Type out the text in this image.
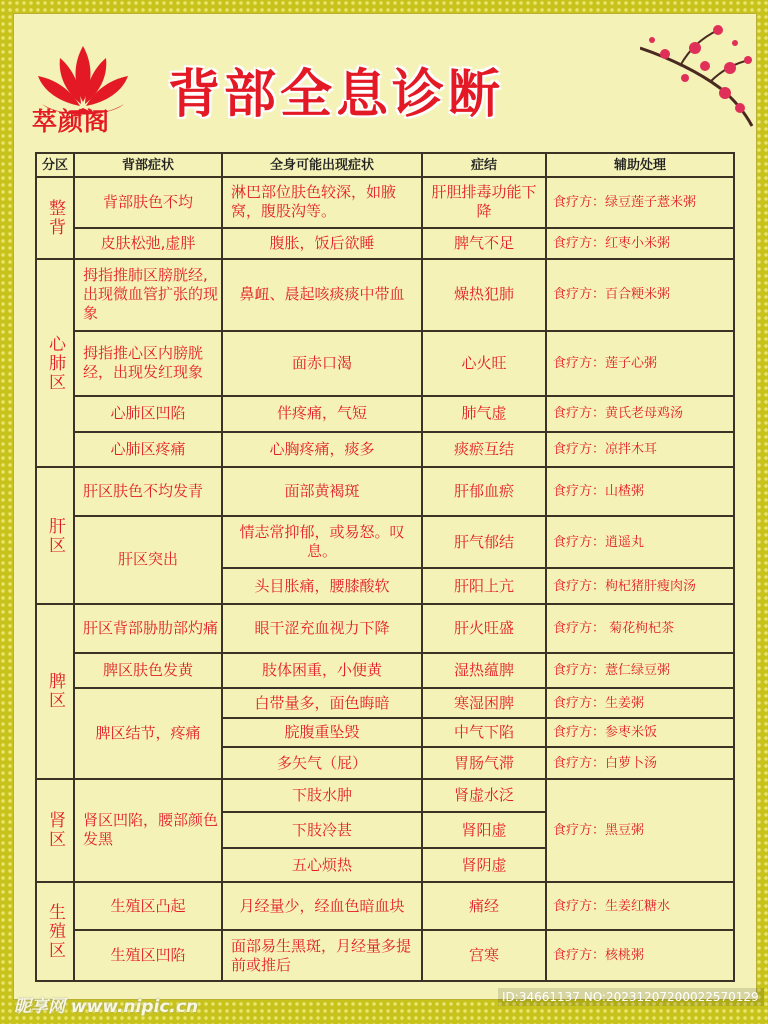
萃颜阁 背部全息诊断
分区	背部症状	全身可能出现症状	症结	辅助处理
整背	背部肤色不均	淋巴部位肤色较深，如腋窝，腹股沟等。	肝胆排毒功能下降	食疗方：绿豆莲子薏米粥
	皮肤松弛,虚胖	腹胀，饭后欲睡	脾气不足	食疗方：红枣小米粥
心肺区	拇指推肺区膀胱经,出现微血管扩张的现象	鼻衄、晨起咳痰痰中带血	燥热犯肺	食疗方：百合粳米粥
	拇指推心区内膀胱经，出现发红现象	面赤口渴	心火旺	食疗方：莲子心粥
	心肺区凹陷	伴疼痛，气短	肺气虚	食疗方：黄氏老母鸡汤
	心肺区疼痛	心胸疼痛，痰多	痰瘀互结	食疗方：凉拌木耳
肝区	肝区肤色不均发青	面部黄褐斑	肝郁血瘀	食疗方：山楂粥
	肝区突出	情志常抑郁，或易怒。叹息。	肝气郁结	食疗方：逍遥丸
		头目胀痛，腰膝酸软	肝阳上亢	食疗方：枸杞猪肝瘦肉汤
脾区	肝区背部胁肋部灼痛	眼干涩充血视力下降	肝火旺盛	食疗方： 菊花枸杞茶
	脾区肤色发黄	肢体困重，小便黄	湿热蕴脾	食疗方：薏仁绿豆粥
	脾区结节，疼痛	白带量多，面色晦暗	寒湿困脾	食疗方：生姜粥
		脘腹重坠毁	中气下陷	食疗方：参枣米饭
		多矢气（屁）	胃肠气滞	食疗方：白萝卜汤
肾区	肾区凹陷，腰部颜色发黑	下肢水肿	肾虚水泛	食疗方：黑豆粥
		下肢冷甚	肾阳虚	
		五心烦热	肾阴虚	
生殖区	生殖区凸起	月经量少，经血色暗血块	痛经	食疗方：生姜红糖水
	生殖区凹陷	面部易生黑斑，月经量多提前或推后	宫寒	食疗方：核桃粥
昵享网 www.nipic.cn	ID:34661137 NO:20231207200022570129
